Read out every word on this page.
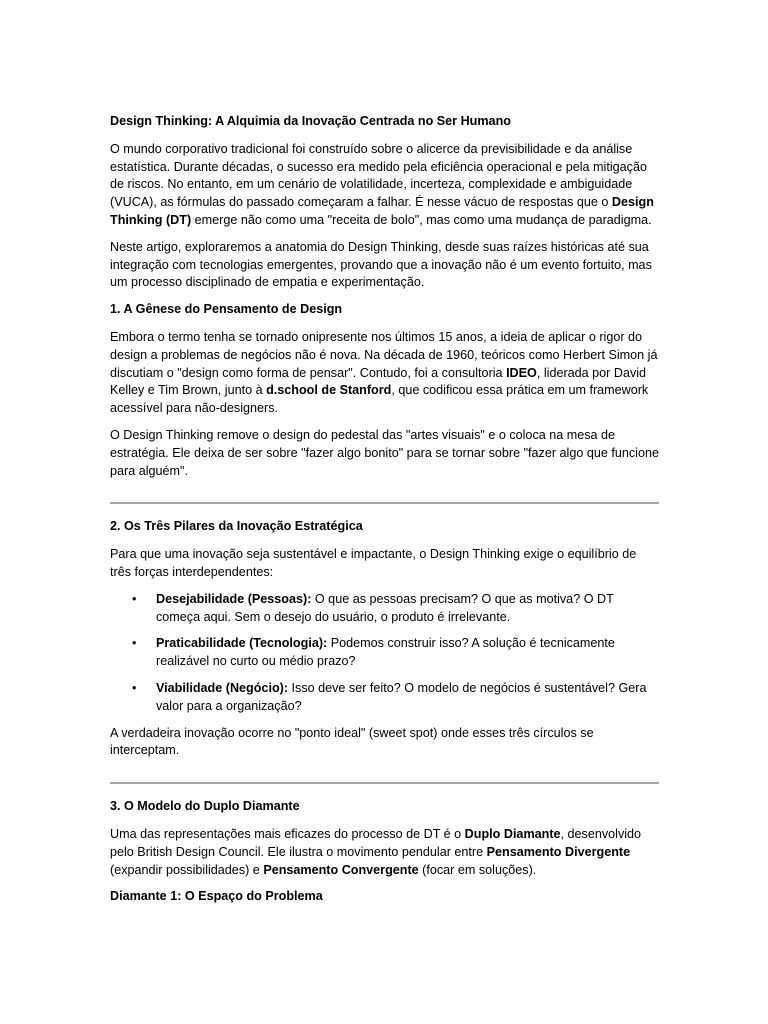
Design Thinking: A Alquimia da Inovação Centrada no Ser Humano

O mundo corporativo tradicional foi construído sobre o alicerce da previsibilidade e da análise estatística. Durante décadas, o sucesso era medido pela eficiência operacional e pela mitigação de riscos. No entanto, em um cenário de volatilidade, incerteza, complexidade e ambiguidade (VUCA), as fórmulas do passado começaram a falhar. É nesse vácuo de respostas que o Design Thinking (DT) emerge não como uma "receita de bolo", mas como uma mudança de paradigma.

Neste artigo, exploraremos a anatomia do Design Thinking, desde suas raízes históricas até sua integração com tecnologias emergentes, provando que a inovação não é um evento fortuito, mas um processo disciplinado de empatia e experimentação.

1. A Gênese do Pensamento de Design

Embora o termo tenha se tornado onipresente nos últimos 15 anos, a ideia de aplicar o rigor do design a problemas de negócios não é nova. Na década de 1960, teóricos como Herbert Simon já discutiam o "design como forma de pensar". Contudo, foi a consultoria IDEO, liderada por David Kelley e Tim Brown, junto à d.school de Stanford, que codificou essa prática em um framework acessível para não-designers.

O Design Thinking remove o design do pedestal das "artes visuais" e o coloca na mesa de estratégia. Ele deixa de ser sobre "fazer algo bonito" para se tornar sobre "fazer algo que funcione para alguém".

2. Os Três Pilares da Inovação Estratégica

Para que uma inovação seja sustentável e impactante, o Design Thinking exige o equilíbrio de três forças interdependentes:

• Desejabilidade (Pessoas): O que as pessoas precisam? O que as motiva? O DT começa aqui. Sem o desejo do usuário, o produto é irrelevante.
• Praticabilidade (Tecnologia): Podemos construir isso? A solução é tecnicamente realizável no curto ou médio prazo?
• Viabilidade (Negócio): Isso deve ser feito? O modelo de negócios é sustentável? Gera valor para a organização?

A verdadeira inovação ocorre no "ponto ideal" (sweet spot) onde esses três círculos se interceptam.

3. O Modelo do Duplo Diamante

Uma das representações mais eficazes do processo de DT é o Duplo Diamante, desenvolvido pelo British Design Council. Ele ilustra o movimento pendular entre Pensamento Divergente (expandir possibilidades) e Pensamento Convergente (focar em soluções).

Diamante 1: O Espaço do Problema
